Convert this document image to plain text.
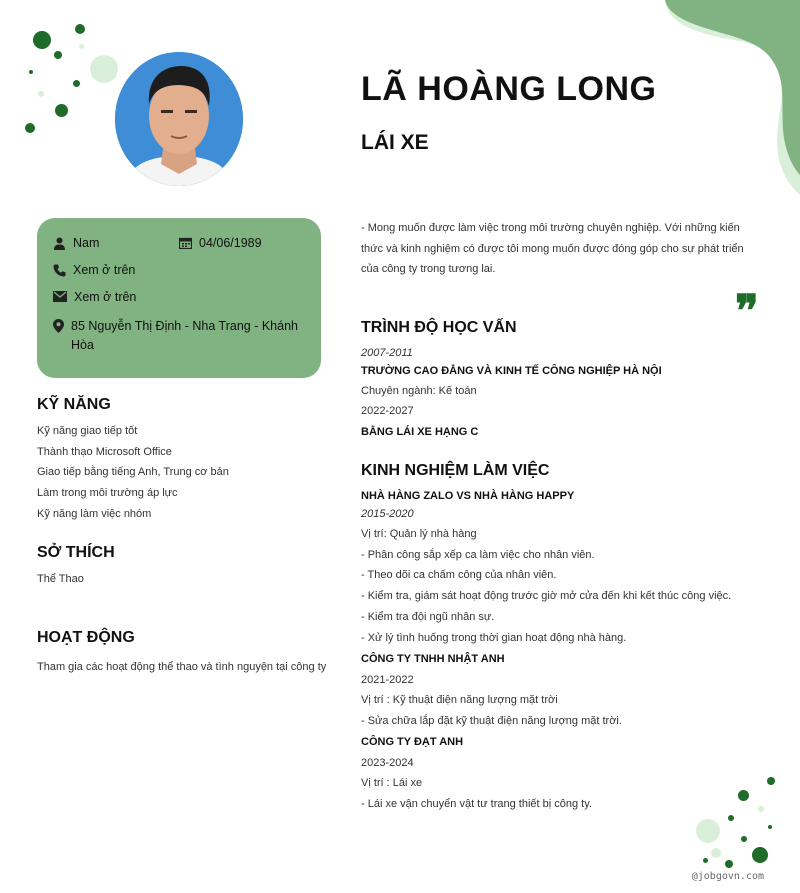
LÃ HOÀNG LONG
LÁI XE
- Mong muốn được làm việc trong môi trường chuyên nghiệp. Với những kiến thức và kinh nghiệm có được tôi mong muốn được đóng góp cho sự phát triển của công ty trong tương lai.
❞
Nam	04/06/1989
Xem ở trên
Xem ở trên
85 Nguyễn Thị Định - Nha Trang - Khánh Hòa
KỸ NĂNG
Kỹ năng giao tiếp tốt
Thành thạo Microsoft Office
Giao tiếp bằng tiếng Anh, Trung cơ bản
Làm trong môi trường áp lực
Kỹ năng làm việc nhóm
SỞ THÍCH
Thể Thao
HOẠT ĐỘNG
Tham gia các hoạt động thể thao và tình nguyện tại công ty
TRÌNH ĐỘ HỌC VẤN
2007-2011
TRƯỜNG CAO ĐẲNG VÀ KINH TẾ CÔNG NGHIỆP HÀ NỘI
Chuyên ngành: Kế toán
2022-2027
BẰNG LÁI XE HẠNG C
KINH NGHIỆM LÀM VIỆC
NHÀ HÀNG ZALO VS NHÀ HÀNG HAPPY
2015-2020
Vị trí: Quản lý nhà hàng
- Phân công sắp xếp ca làm việc cho nhân viên.
- Theo dõi ca chấm công của nhân viên.
- Kiểm tra, giám sát hoạt động trước giờ mở cửa đến khi kết thúc công việc.
- Kiểm tra đội ngũ nhân sự.
- Xử lý tình huống trong thời gian hoạt động nhà hàng.
CÔNG TY TNHH NHẬT ANH
2021-2022
Vị trí : Kỹ thuật điện năng lượng mặt trời
- Sửa chữa lắp đặt kỹ thuật điện năng lượng mặt trời.
CÔNG TY ĐẠT ANH
2023-2024
Vị trí : Lái xe
- Lái xe vận chuyển vật tư trang thiết bị công ty.
@jobgovn.com
